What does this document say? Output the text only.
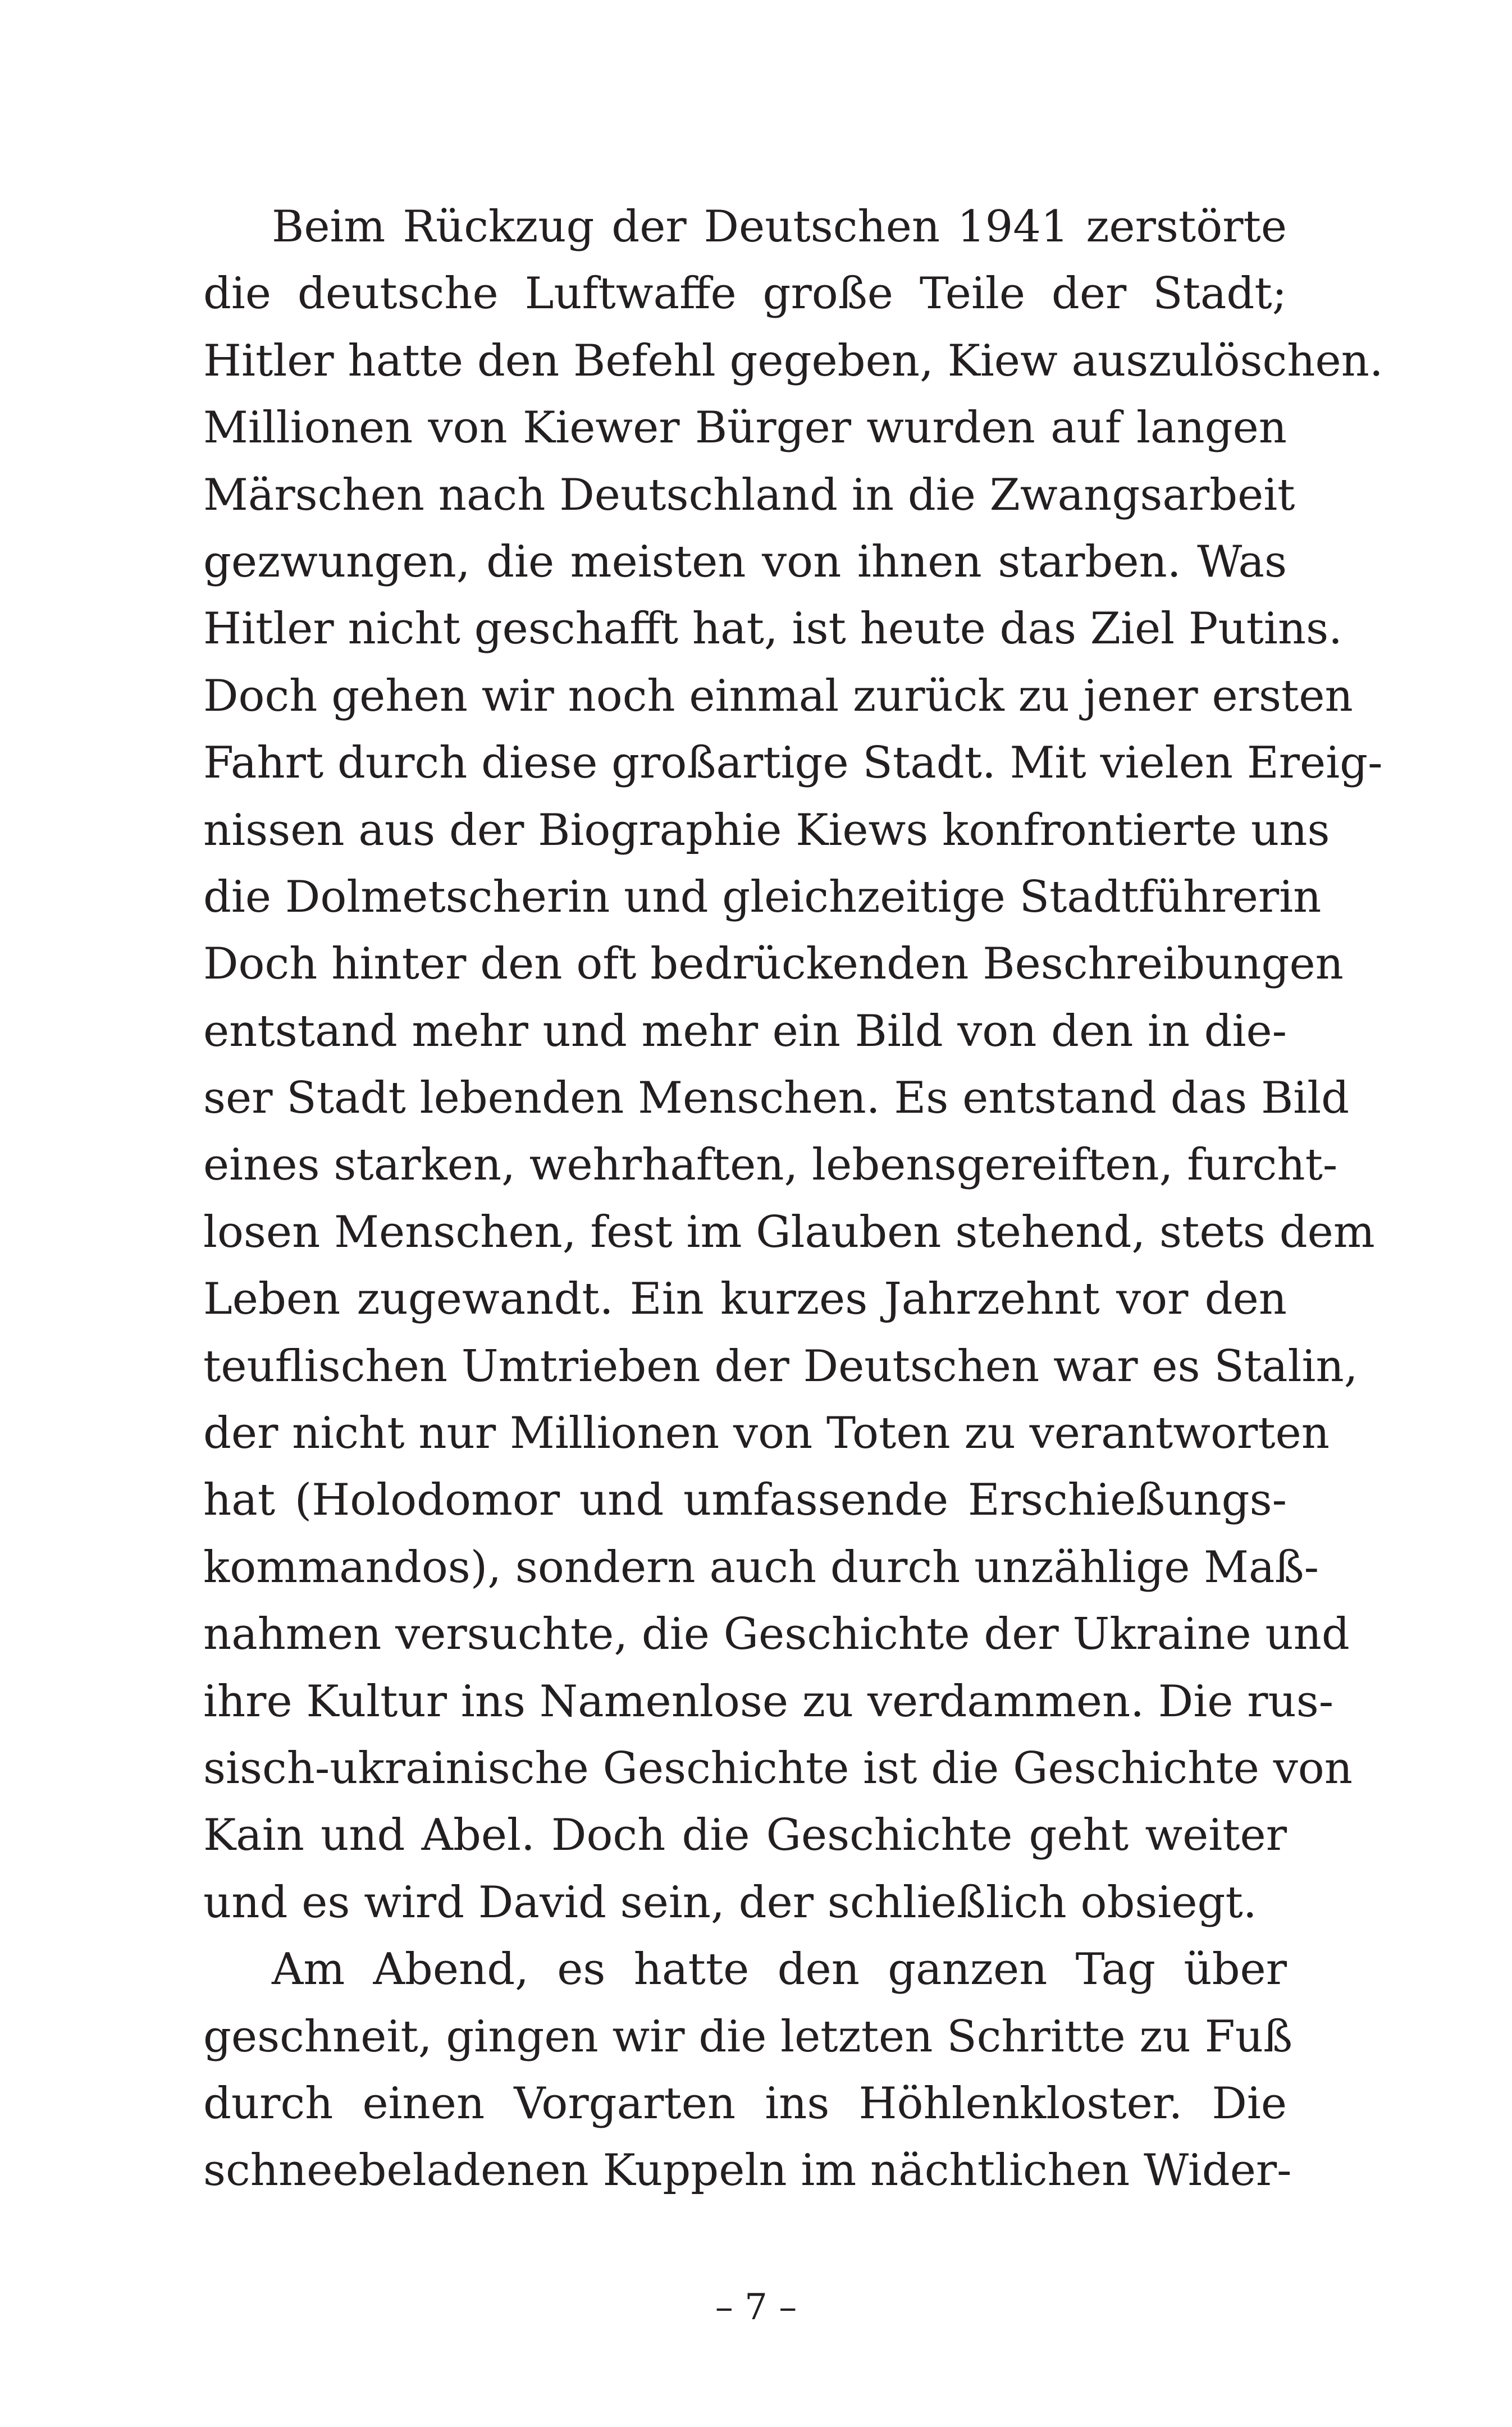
Beim Rückzug der Deutschen 1941 zerstörte
die deutsche Luftwaffe große Teile der Stadt;
Hitler hatte den Befehl gegeben, Kiew auszulöschen.
Millionen von Kiewer Bürger wurden auf langen
Märschen nach Deutschland in die Zwangsarbeit
gezwungen, die meisten von ihnen starben. Was
Hitler nicht geschafft hat, ist heute das Ziel Putins.
Doch gehen wir noch einmal zurück zu jener ersten
Fahrt durch diese großartige Stadt. Mit vielen Ereig-
nissen aus der Biographie Kiews konfrontierte uns
die Dolmetscherin und gleichzeitige Stadtführerin
Doch hinter den oft bedrückenden Beschreibungen
entstand mehr und mehr ein Bild von den in die-
ser Stadt lebenden Menschen. Es entstand das Bild
eines starken, wehrhaften, lebensgereiften, furcht-
losen Menschen, fest im Glauben stehend, stets dem
Leben zugewandt. Ein kurzes Jahrzehnt vor den
teuflischen Umtrieben der Deutschen war es Stalin,
der nicht nur Millionen von Toten zu verantworten
hat (Holodomor und umfassende Erschießungs-
kommandos), sondern auch durch unzählige Maß-
nahmen versuchte, die Geschichte der Ukraine und
ihre Kultur ins Namenlose zu verdammen. Die rus-
sisch-ukrainische Geschichte ist die Geschichte von
Kain und Abel. Doch die Geschichte geht weiter
und es wird David sein, der schließlich obsiegt.
Am Abend, es hatte den ganzen Tag über
geschneit, gingen wir die letzten Schritte zu Fuß
durch einen Vorgarten ins Höhlenkloster. Die
schneebeladenen Kuppeln im nächtlichen Wider-
– 7 –
